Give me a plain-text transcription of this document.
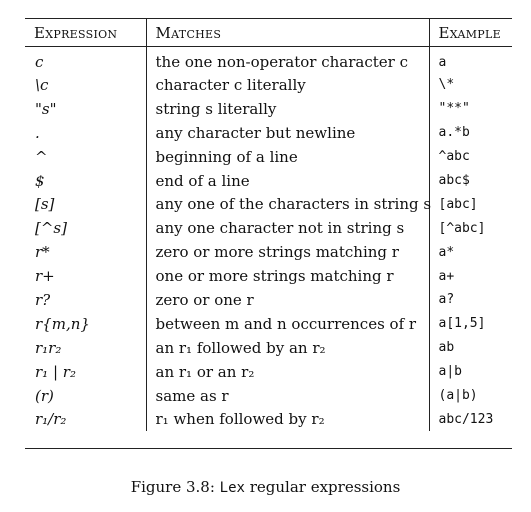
Expression	Matches	Example
c	the one non-operator character c	a
\c	character c literally	\*
"s"	string s literally	"**"
.	any character but newline	a.*b
^	beginning of a line	^abc
$	end of a line	abc$
[s]	any one of the characters in string s	[abc]
[^s]	any one character not in string s	[^abc]
r*	zero or more strings matching r	a*
r+	one or more strings matching r	a+
r?	zero or one r	a?
r{m,n}	between m and n occurrences of r	a[1,5]
r₁r₂	an r₁ followed by an r₂	ab
r₁ | r₂	an r₁ or an r₂	a|b
(r)	same as r	(a|b)
r₁/r₂	r₁ when followed by r₂	abc/123
Figure 3.8: Lex regular expressions
